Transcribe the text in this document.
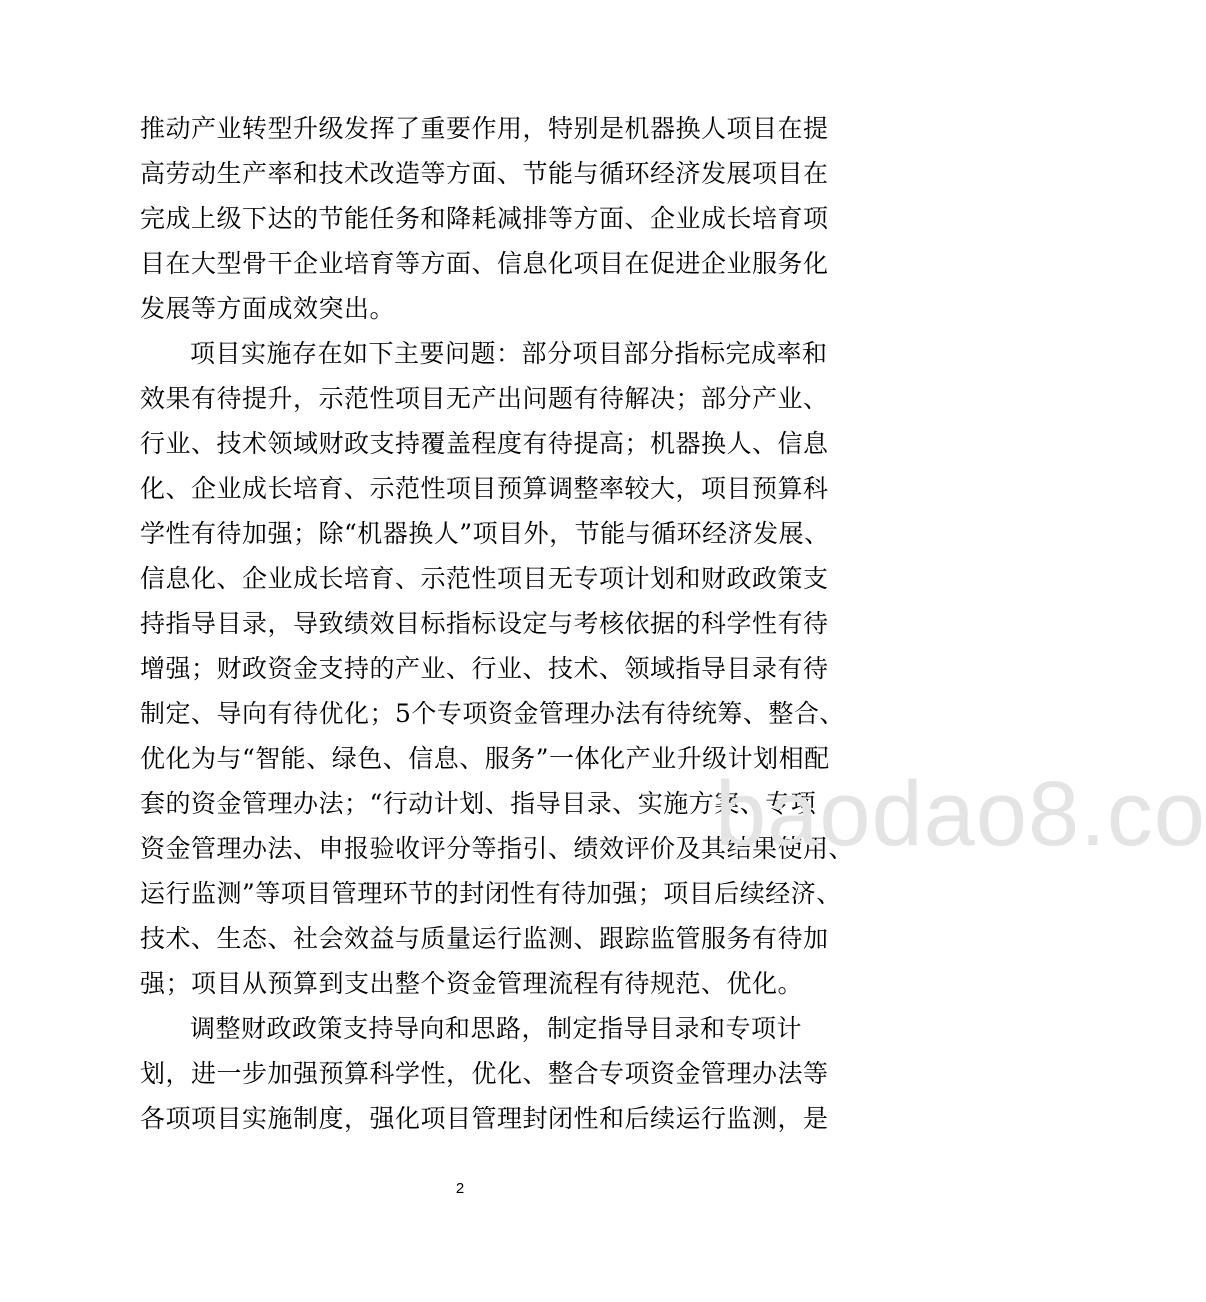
推动产业转型升级发挥了重要作用，特别是机器换人项目在提
高劳动生产率和技术改造等方面、节能与循环经济发展项目在
完成上级下达的节能任务和降耗减排等方面、企业成长培育项
目在大型骨干企业培育等方面、信息化项目在促进企业服务化
发展等方面成效突出。
项目实施存在如下主要问题：部分项目部分指标完成率和
效果有待提升，示范性项目无产出问题有待解决；部分产业、
行业、技术领域财政支持覆盖程度有待提高；机器换人、信息
化、企业成长培育、示范性项目预算调整率较大，项目预算科
学性有待加强；除“机器换人”项目外，节能与循环经济发展、
信息化、企业成长培育、示范性项目无专项计划和财政政策支
持指导目录，导致绩效目标指标设定与考核依据的科学性有待
增强；财政资金支持的产业、行业、技术、领域指导目录有待
制定、导向有待优化；5个专项资金管理办法有待统筹、整合、
优化为与“智能、绿色、信息、服务”一体化产业升级计划相配
套的资金管理办法；“行动计划、指导目录、实施方案、专项
资金管理办法、申报验收评分等指引、绩效评价及其结果使用、
运行监测”等项目管理环节的封闭性有待加强；项目后续经济、
技术、生态、社会效益与质量运行监测、跟踪监管服务有待加
强；项目从预算到支出整个资金管理流程有待规范、优化。
调整财政政策支持导向和思路，制定指导目录和专项计
划，进一步加强预算科学性，优化、整合专项资金管理办法等
各项项目实施制度，强化项目管理封闭性和后续运行监测，是
baodao8.co
2
